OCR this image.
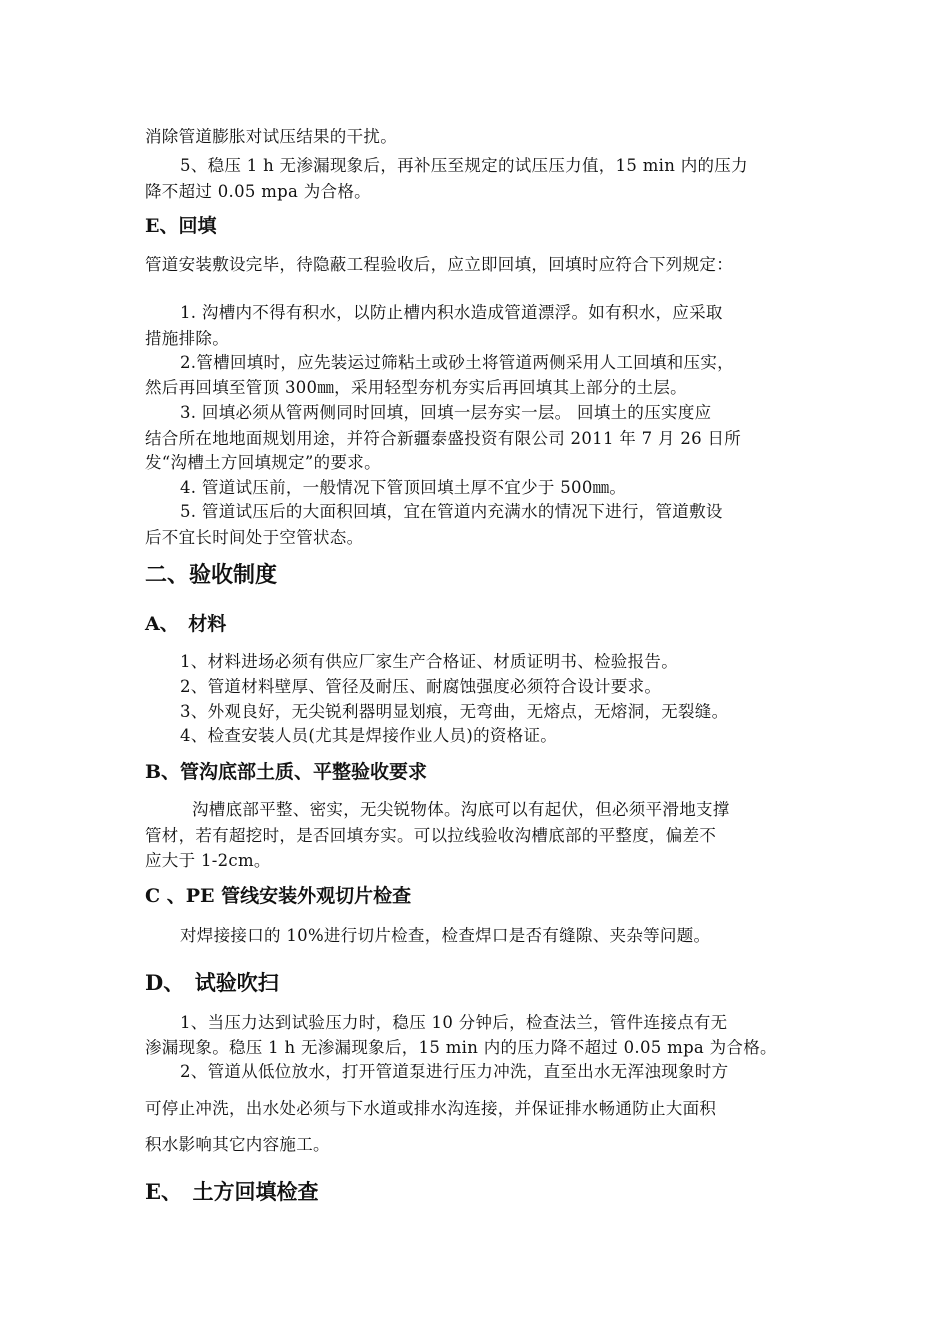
消除管道膨胀对试压结果的干扰。
5、稳压 1 h 无渗漏现象后，再补压至规定的试压压力值，15 min 内的压力
降不超过 0.05 mpa 为合格。
E、回填
管道安装敷设完毕，待隐蔽工程验收后，应立即回填，回填时应符合下列规定：
1. 沟槽内不得有积水，以防止槽内积水造成管道漂浮。如有积水，应采取
措施排除。
2.管槽回填时，应先装运过筛粘土或砂土将管道两侧采用人工回填和压实，
然后再回填至管顶 300㎜，采用轻型夯机夯实后再回填其上部分的土层。
3. 回填必须从管两侧同时回填，回填一层夯实一层。 回填土的压实度应
结合所在地地面规划用途，并符合新疆泰盛投资有限公司 2011 年 7 月 26 日所
发“沟槽土方回填规定”的要求。
4. 管道试压前，一般情况下管顶回填土厚不宜少于 500㎜。
5. 管道试压后的大面积回填，宜在管道内充满水的情况下进行，管道敷设
后不宜长时间处于空管状态。
二、验收制度
A、　材料
1、材料进场必须有供应厂家生产合格证、材质证明书、检验报告。
2、管道材料壁厚、管径及耐压、耐腐蚀强度必须符合设计要求。
3、外观良好，无尖锐利器明显划痕，无弯曲，无熔点，无熔洞，无裂缝。
4、检查安装人员(尤其是焊接作业人员)的资格证。
B、管沟底部土质、平整验收要求
沟槽底部平整、密实，无尖锐物体。沟底可以有起伏，但必须平滑地支撑
管材，若有超挖时，是否回填夯实。可以拉线验收沟槽底部的平整度，偏差不
应大于 1-2cm。
C 、PE 管线安装外观切片检查
对焊接接口的 10%进行切片检查，检查焊口是否有缝隙、夹杂等问题。
D、　试验吹扫
1、当压力达到试验压力时，稳压 10 分钟后，检查法兰，管件连接点有无
渗漏现象。稳压 1 h 无渗漏现象后，15 min 内的压力降不超过 0.05 mpa 为合格。
2、管道从低位放水，打开管道泵进行压力冲洗，直至出水无浑浊现象时方
可停止冲洗，出水处必须与下水道或排水沟连接，并保证排水畅通防止大面积
积水影响其它内容施工。
E、　土方回填检查
